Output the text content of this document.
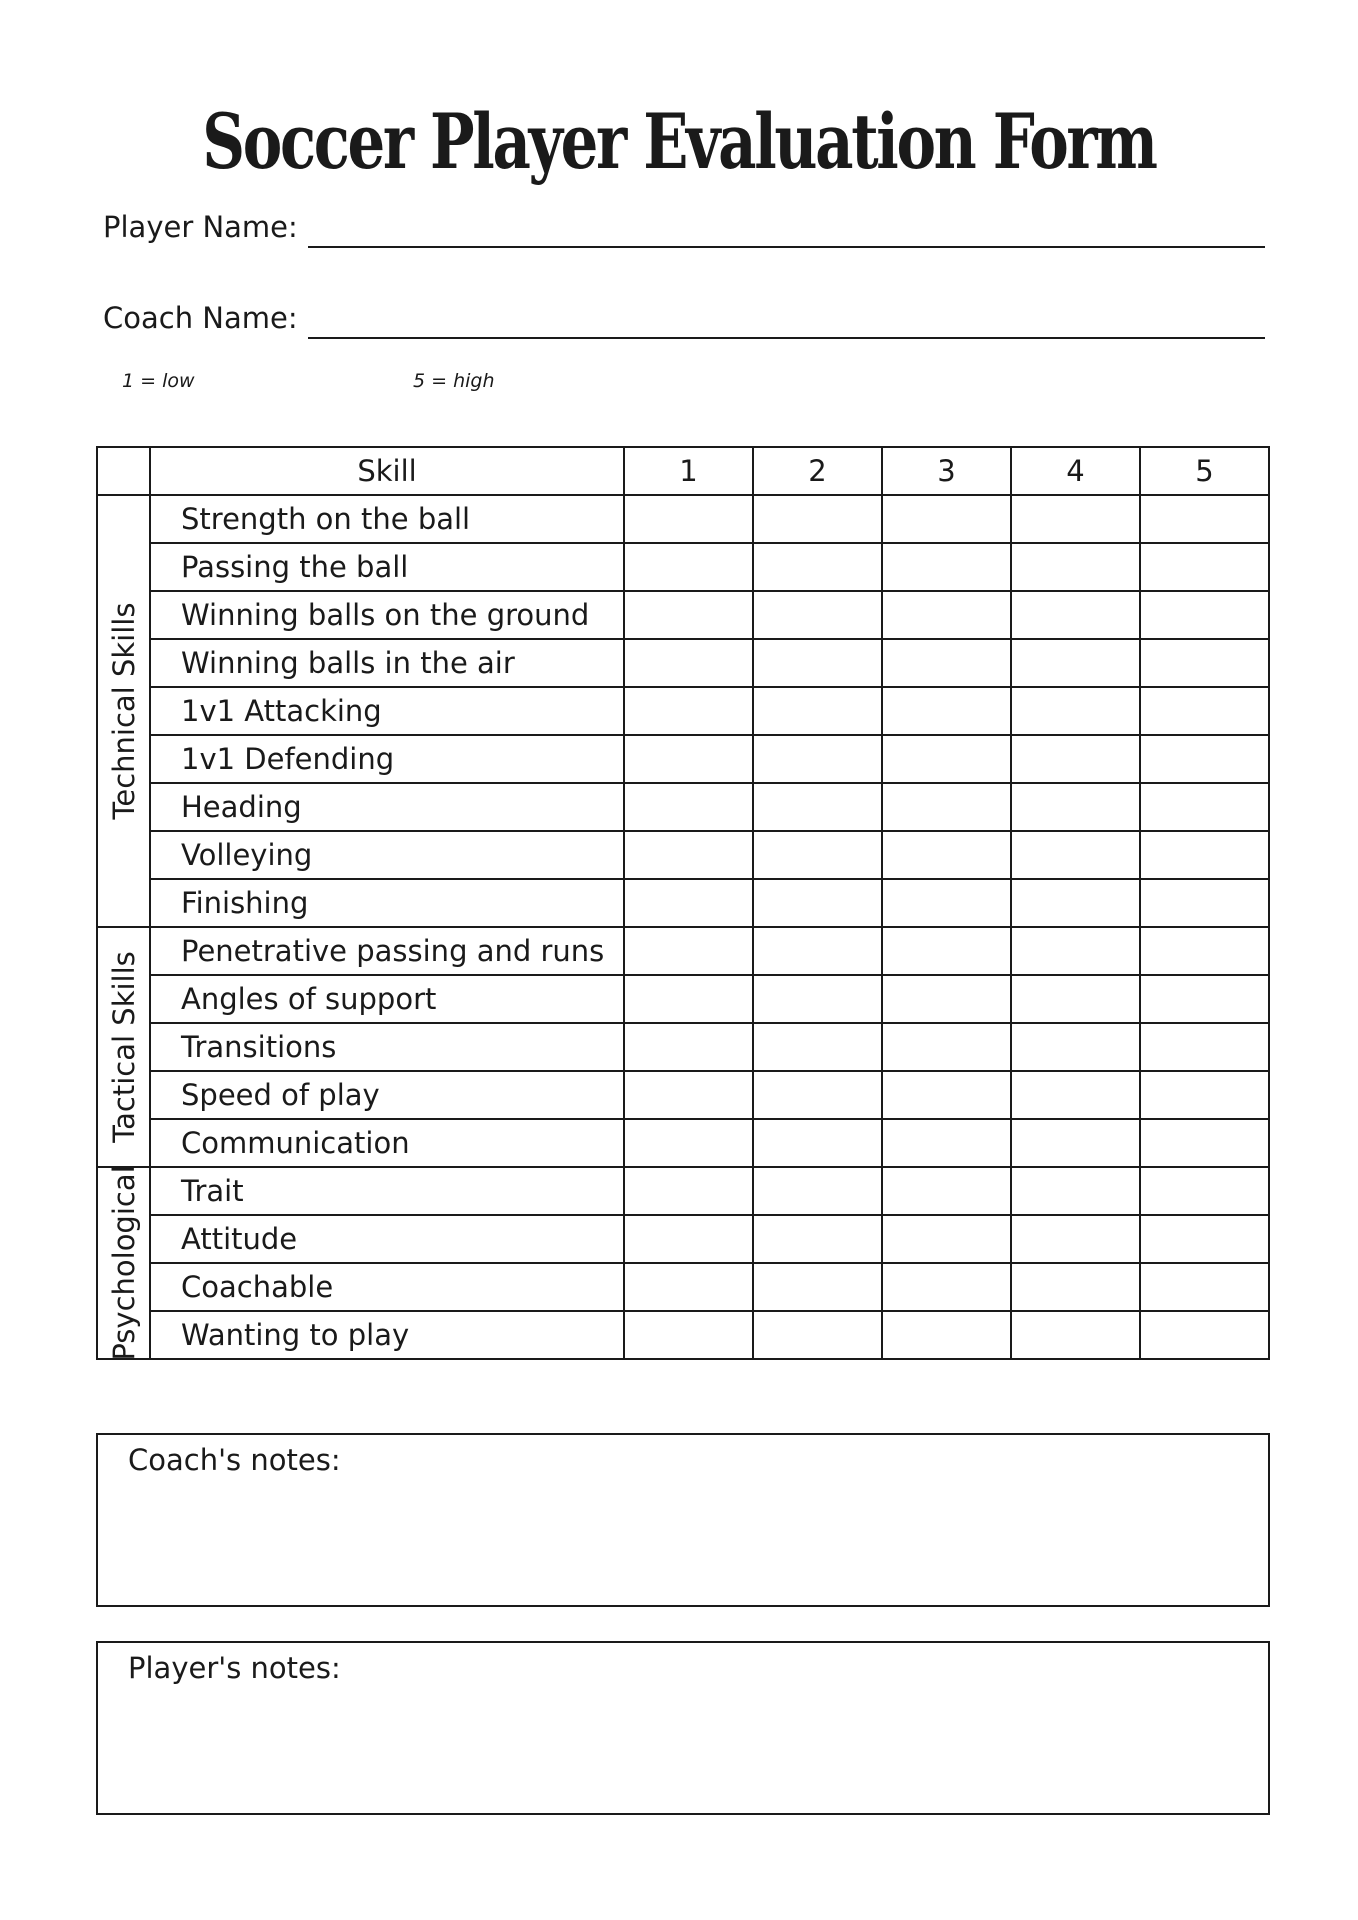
Soccer Player Evaluation Form
Player Name:
Coach Name:
1 = low	5 = high
	Skill	1	2	3	4	5

Technical Skills	Strength on the ball					
	Passing the ball					
	Winning balls on the ground					
	Winning balls in the air					
	1v1 Attacking					
	1v1 Defending					
	Heading					
	Volleying					
	Finishing					

Tactical Skills	Penetrative passing and runs					
	Angles of support					
	Transitions					
	Speed of play					
	Communication					

Psychological	Trait					
	Attitude					
	Coachable					
	Wanting to play					
Coach's notes:
Player's notes:
